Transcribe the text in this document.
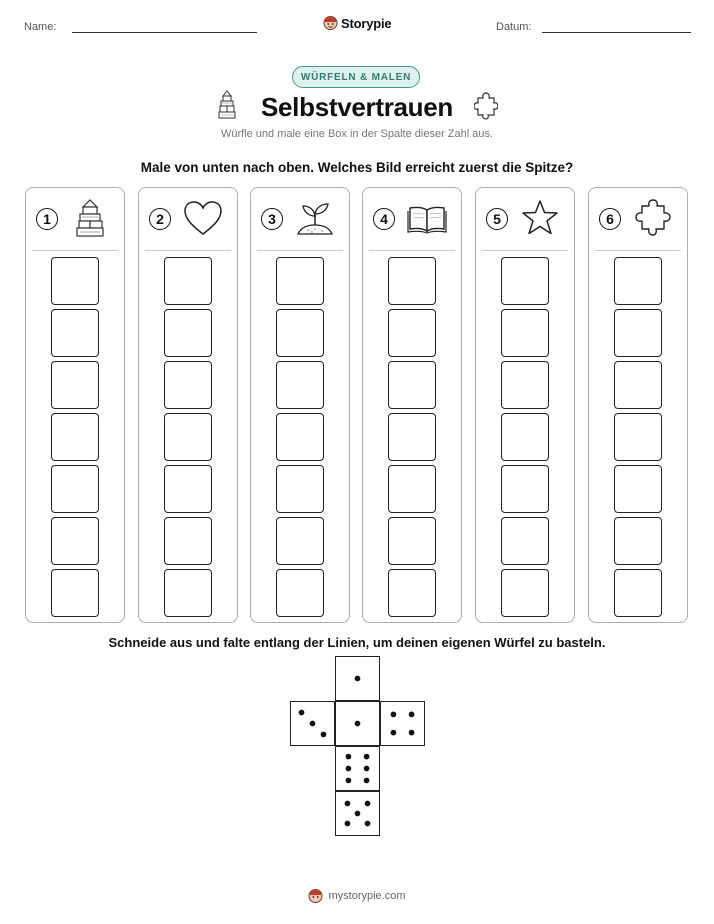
Name:	Storypie	Datum:
WÜRFELN & MALEN
Selbstvertrauen
Würfle und male eine Box in der Spalte dieser Zahl aus.
Male von unten nach oben. Welches Bild erreicht zuerst die Spitze?
1	2	3	4	5	6
Schneide aus und falte entlang der Linien, um deinen eigenen Würfel zu basteln.
mystorypie.com
